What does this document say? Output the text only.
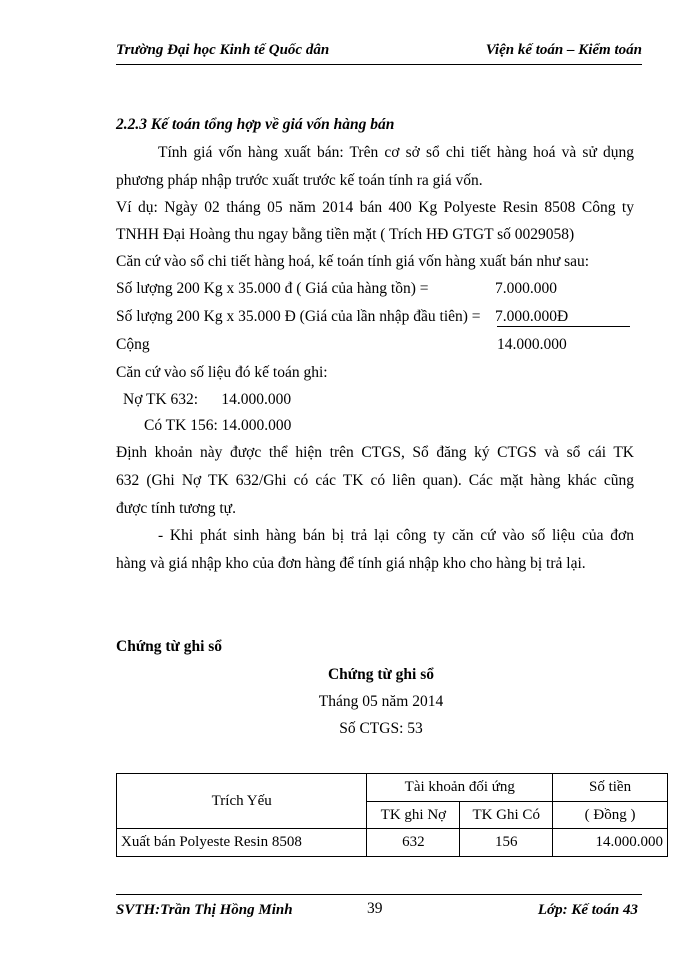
Trường Đại học Kinh tế Quốc dân	Viện kế toán – Kiểm toán
2.2.3 Kế toán tổng hợp về giá vốn hàng bán
Tính giá vốn hàng xuất bán: Trên cơ sở sổ chi tiết hàng hoá và sử dụng
phương pháp nhập trước xuất trước kế toán tính ra giá vốn.
Ví dụ: Ngày 02 tháng 05 năm 2014 bán 400 Kg Polyeste Resin 8508 Công ty
TNHH Đại Hoàng thu ngay bằng tiền mặt ( Trích HĐ GTGT số 0029058)
Căn cứ vào sổ chi tiết hàng hoá, kế toán tính giá vốn hàng xuất bán như sau:
Số lượng 200 Kg x 35.000 đ ( Giá của hàng tồn) =	7.000.000
Số lượng 200 Kg x 35.000 Đ (Giá của lần nhập đầu tiên) = 7.000.000Đ
Cộng	14.000.000
Căn cứ vào số liệu đó kế toán ghi:
Nợ TK 632:      14.000.000
Có TK 156: 14.000.000
Định khoản này được thể hiện trên CTGS, Sổ đăng ký CTGS và sổ cái TK
632 (Ghi Nợ TK 632/Ghi có các TK có liên quan). Các mặt hàng khác cũng
được tính tương tự.
- Khi phát sinh hàng bán bị trả lại công ty căn cứ vào số liệu của đơn
hàng và giá nhập kho của đơn hàng để tính giá nhập kho cho hàng bị trả lại.
Chứng từ ghi sổ
Chứng từ ghi sổ
Tháng 05 năm 2014
Số CTGS: 53
Trích Yếu	Tài khoản đối ứng		Số tiền
	TK ghi Nợ	TK Ghi Có	( Đồng )
Xuất bán Polyeste Resin 8508	632	156	14.000.000
SVTH:Trần Thị Hồng Minh	39	Lớp: Kế toán 43
